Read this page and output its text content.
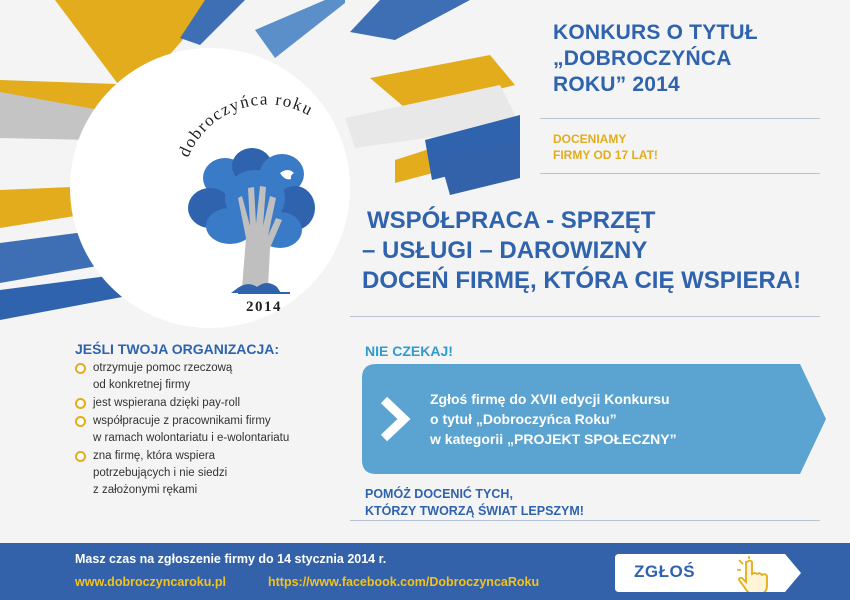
dobroczyńca roku
2014
KONKURS O TYTUŁ
„DOBROCZYŃCA
ROKU” 2014
DOCENIAMY
FIRMY OD 17 LAT!
WSPÓŁPRACA - SPRZĘT
– USŁUGI – DAROWIZNY
DOCEŃ FIRMĘ, KTÓRA CIĘ WSPIERA!
JEŚLI TWOJA ORGANIZACJA:
otrzymuje pomoc rzeczową
od konkretnej firmy
jest wspierana dzięki pay-roll
współpracuje z pracownikami firmy
w ramach wolontariatu i e-wolontariatu
zna firmę, która wspiera
potrzebujących i nie siedzi
z założonymi rękami
NIE CZEKAJ!
Zgłoś firmę do XVII edycji Konkursu
o tytuł „Dobroczyńca Roku”
w kategorii „PROJEKT SPOŁECZNY”
POMÓŻ DOCENIĆ TYCH,
KTÓRZY TWORZĄ ŚWIAT LEPSZYM!
Masz czas na zgłoszenie firmy do 14 stycznia 2014 r.
www.dobroczyncaroku.pl	https://www.facebook.com/DobroczyncaRoku
ZGŁOŚ
